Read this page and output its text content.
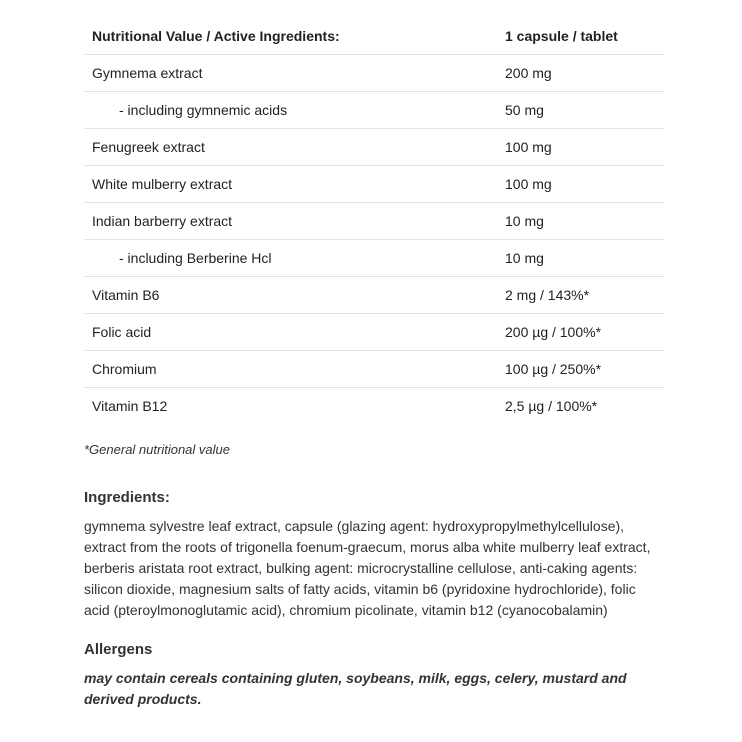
Nutritional Value / Active Ingredients:	1 capsule / tablet
Gymnema extract	200 mg
- including gymnemic acids	50 mg
Fenugreek extract	100 mg
White mulberry extract	100 mg
Indian barberry extract	10 mg
- including Berberine Hcl	10 mg
Vitamin B6	2 mg / 143%*
Folic acid	200 µg / 100%*
Chromium	100 µg / 250%*
Vitamin B12	2,5 µg / 100%*
*General nutritional value
Ingredients:

gymnema sylvestre leaf extract, capsule (glazing agent: hydroxypropylmethylcellulose), extract from the roots of trigonella foenum-graecum, morus alba white mulberry leaf extract, berberis aristata root extract, bulking agent: microcrystalline cellulose, anti-caking agents: silicon dioxide, magnesium salts of fatty acids, vitamin b6 (pyridoxine hydrochloride), folic acid (pteroylmonoglutamic acid), chromium picolinate, vitamin b12 (cyanocobalamin)

Allergens

may contain cereals containing gluten, soybeans, milk, eggs, celery, mustard and derived products.
